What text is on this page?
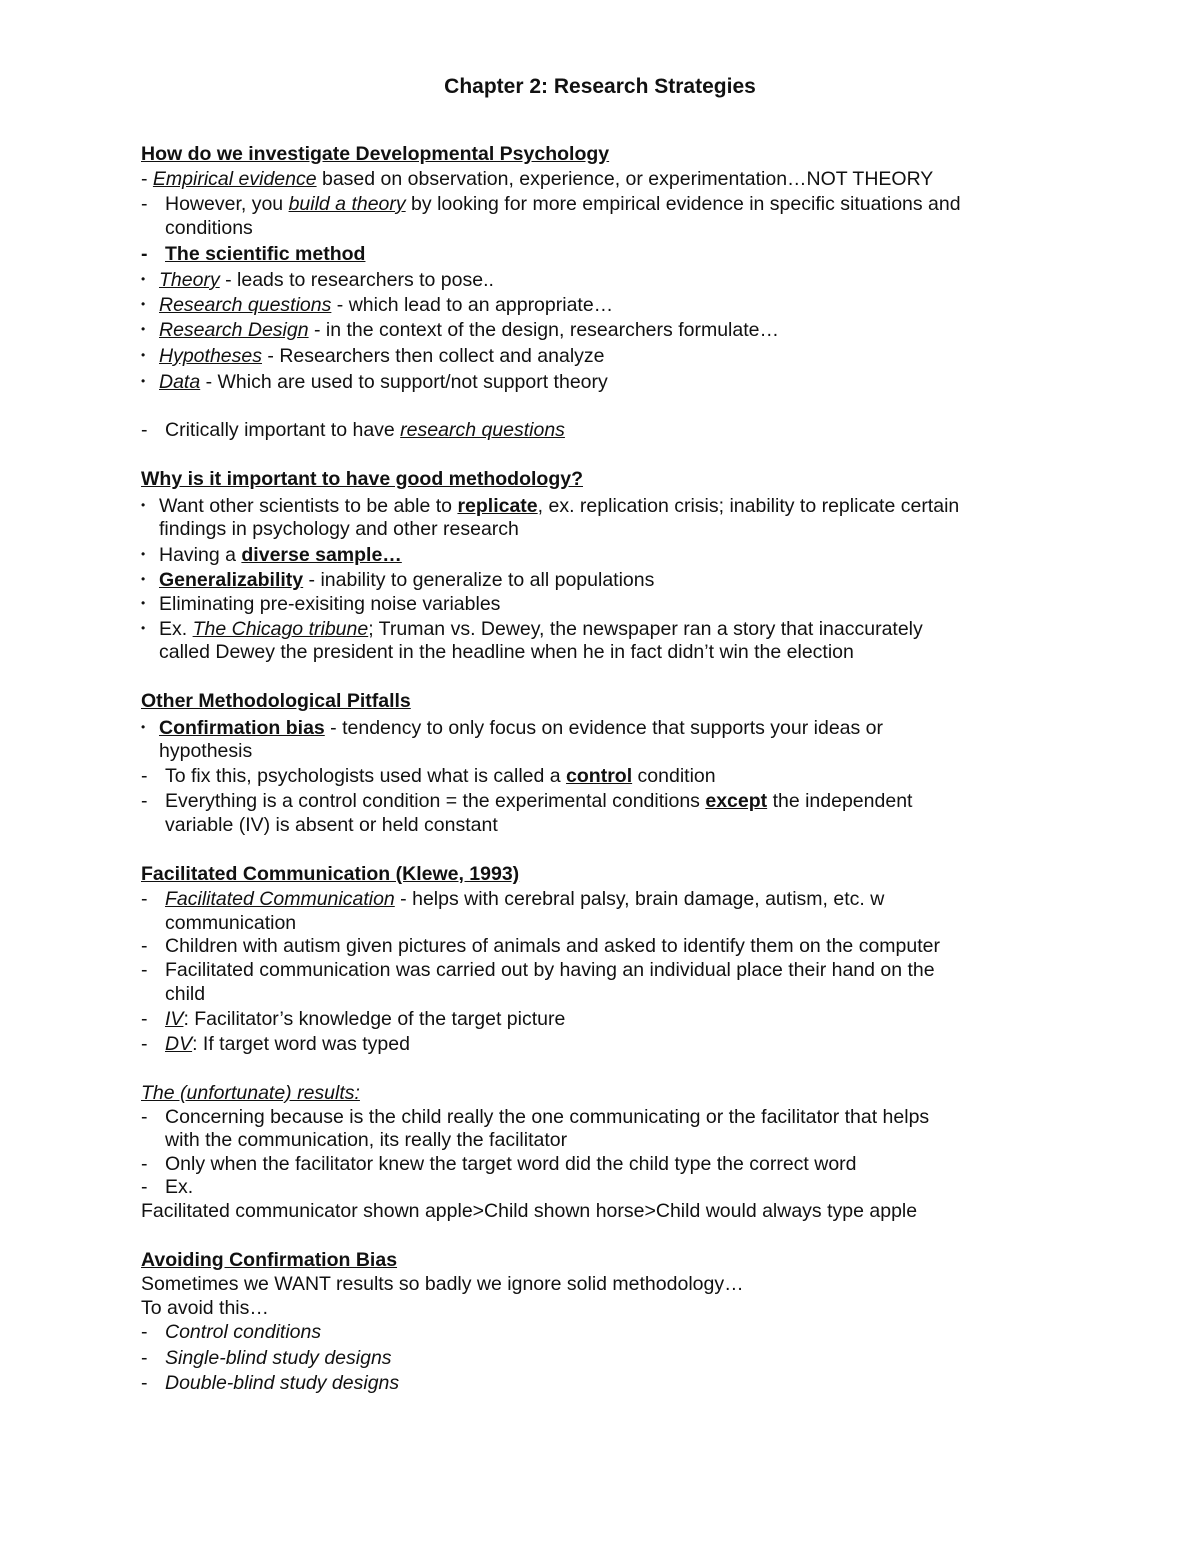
Chapter 2: Research Strategies
How do we investigate Developmental Psychology
- Empirical evidence based on observation, experience, or experimentation…NOT THEORY
- However, you build a theory by looking for more empirical evidence in specific situations and
conditions
- The scientific method
• Theory - leads to researchers to pose..
• Research questions - which lead to an appropriate…
• Research Design - in the context of the design, researchers formulate…
• Hypotheses - Researchers then collect and analyze
• Data - Which are used to support/not support theory
- Critically important to have research questions
Why is it important to have good methodology?
• Want other scientists to be able to replicate, ex. replication crisis; inability to replicate certain
findings in psychology and other research
• Having a diverse sample…
• Generalizability - inability to generalize to all populations
• Eliminating pre-exisiting noise variables
• Ex. The Chicago tribune; Truman vs. Dewey, the newspaper ran a story that inaccurately
called Dewey the president in the headline when he in fact didn’t win the election
Other Methodological Pitfalls
• Confirmation bias - tendency to only focus on evidence that supports your ideas or
hypothesis
- To fix this, psychologists used what is called a control condition
- Everything is a control condition = the experimental conditions except the independent
variable (IV) is absent or held constant
Facilitated Communication (Klewe, 1993)
- Facilitated Communication - helps with cerebral palsy, brain damage, autism, etc. w
communication
- Children with autism given pictures of animals and asked to identify them on the computer
- Facilitated communication was carried out by having an individual place their hand on the
child
- IV: Facilitator’s knowledge of the target picture
- DV: If target word was typed
The (unfortunate) results:
- Concerning because is the child really the one communicating or the facilitator that helps
with the communication, its really the facilitator
- Only when the facilitator knew the target word did the child type the correct word
- Ex.
Facilitated communicator shown apple>Child shown horse>Child would always type apple
Avoiding Confirmation Bias
Sometimes we WANT results so badly we ignore solid methodology…
To avoid this…
- Control conditions
- Single-blind study designs
- Double-blind study designs
